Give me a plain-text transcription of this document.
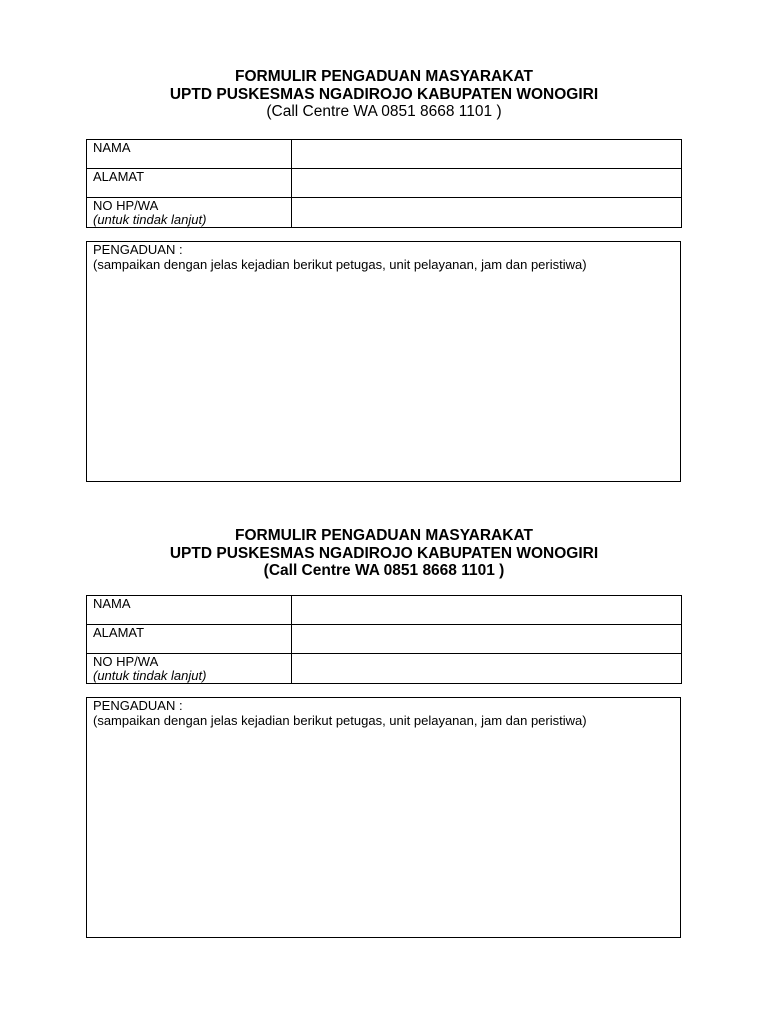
FORMULIR PENGADUAN MASYARAKAT
UPTD PUSKESMAS NGADIROJO KABUPATEN WONOGIRI
(Call Centre WA 0851 8668 1101 )
NAMA	
ALAMAT	
NO HP/WA
(untuk tindak lanjut)	

PENGADUAN :
(sampaikan dengan jelas kejadian berikut petugas, unit pelayanan, jam dan peristiwa)
FORMULIR PENGADUAN MASYARAKAT
UPTD PUSKESMAS NGADIROJO KABUPATEN WONOGIRI
(Call Centre WA 0851 8668 1101 )
NAMA	
ALAMAT	
NO HP/WA
(untuk tindak lanjut)	

PENGADUAN :
(sampaikan dengan jelas kejadian berikut petugas, unit pelayanan, jam dan peristiwa)
